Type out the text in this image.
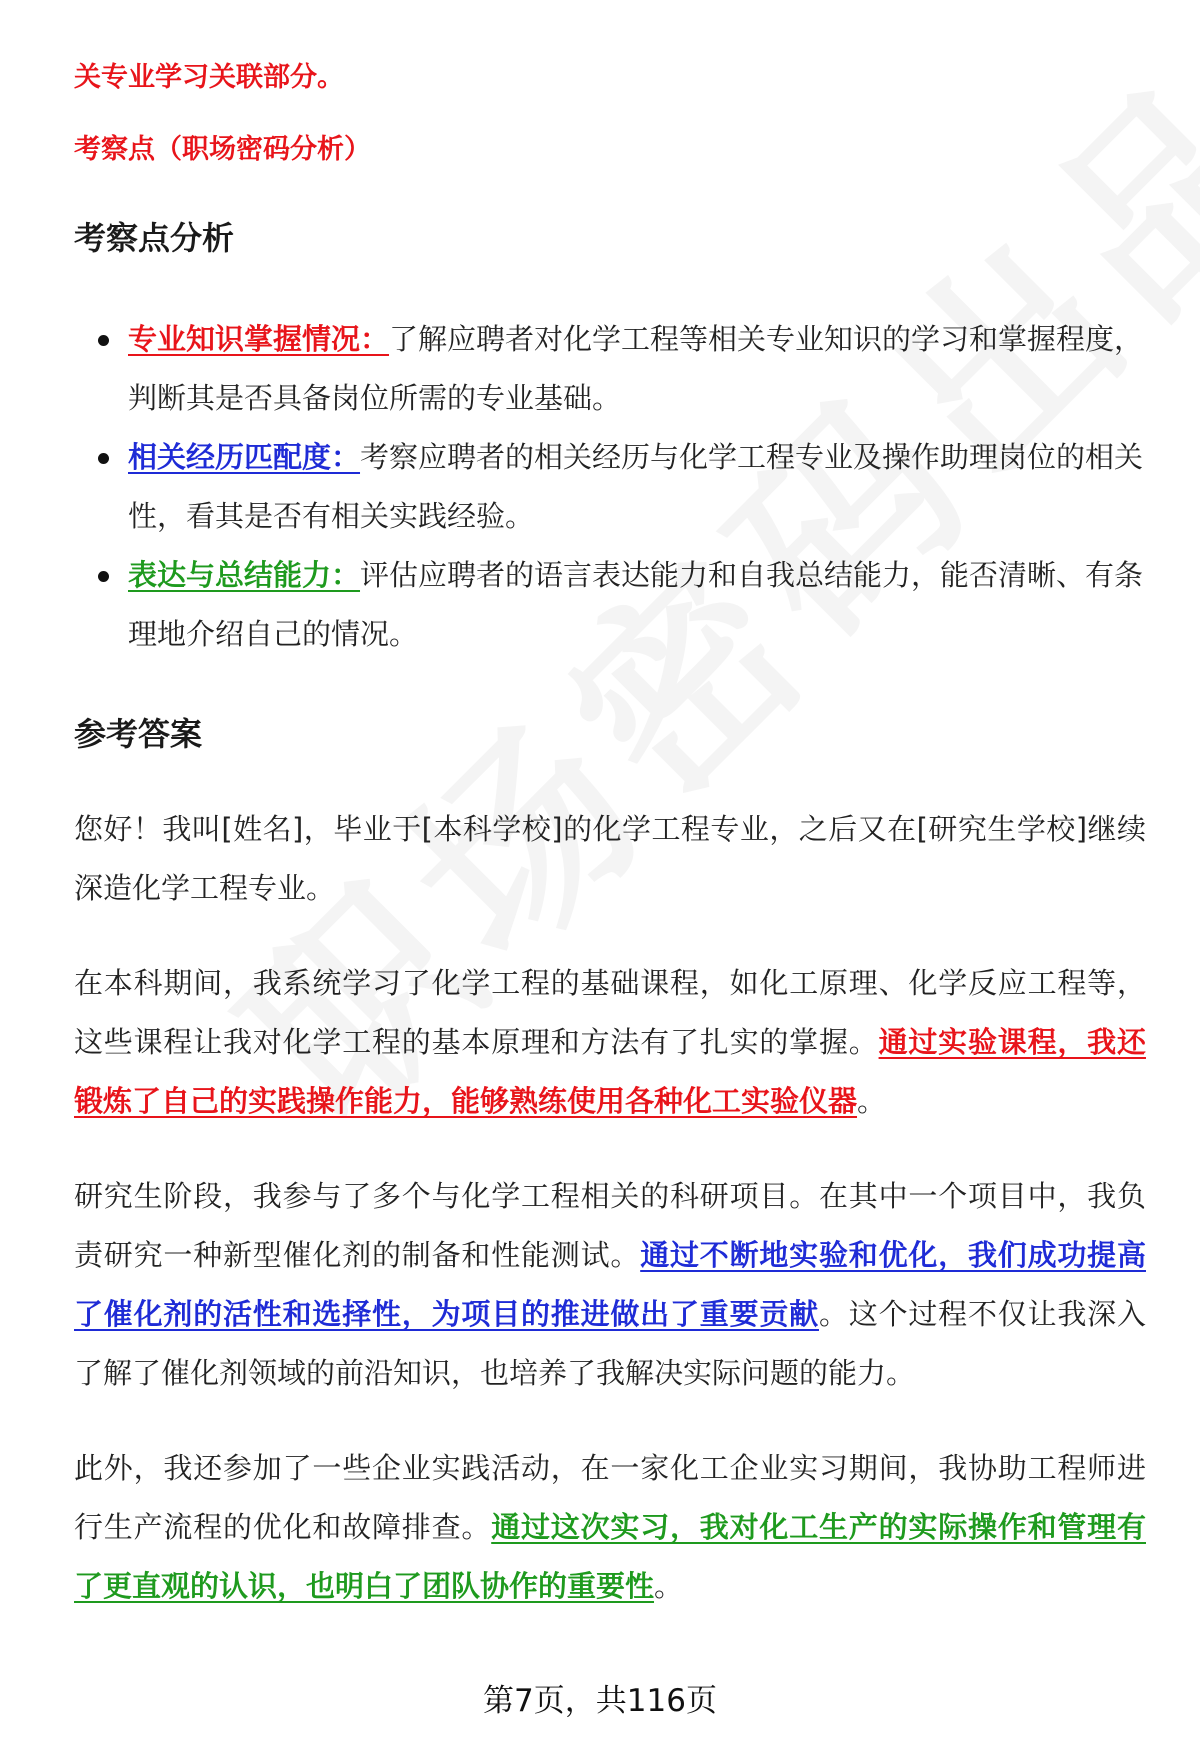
关专业学习关联部分。

考察点（职场密码分析）

考察点分析
专业知识掌握情况：了解应聘者对化学工程等相关专业知识的学习和掌握程度，判断其是否具备岗位所需的专业基础。
相关经历匹配度：考察应聘者的相关经历与化学工程专业及操作助理岗位的相关性，看其是否有相关实践经验。
表达与总结能力：评估应聘者的语言表达能力和自我总结能力，能否清晰、有条理地介绍自己的情况。
参考答案

您好！我叫[姓名]，毕业于[本科学校]的化学工程专业，之后又在[研究生学校]继续深造化学工程专业。

在本科期间，我系统学习了化学工程的基础课程，如化工原理、化学反应工程等，这些课程让我对化学工程的基本原理和方法有了扎实的掌握。通过实验课程，我还锻炼了自己的实践操作能力，能够熟练使用各种化工实验仪器。

研究生阶段，我参与了多个与化学工程相关的科研项目。在其中一个项目中，我负责研究一种新型催化剂的制备和性能测试。通过不断地实验和优化，我们成功提高了催化剂的活性和选择性，为项目的推进做出了重要贡献。这个过程不仅让我深入了解了催化剂领域的前沿知识，也培养了我解决实际问题的能力。

此外，我还参加了一些企业实践活动，在一家化工企业实习期间，我协助工程师进行生产流程的优化和故障排查。通过这次实习，我对化工生产的实际操作和管理有了更直观的认识，也明白了团队协作的重要性。

第7页，共116页
